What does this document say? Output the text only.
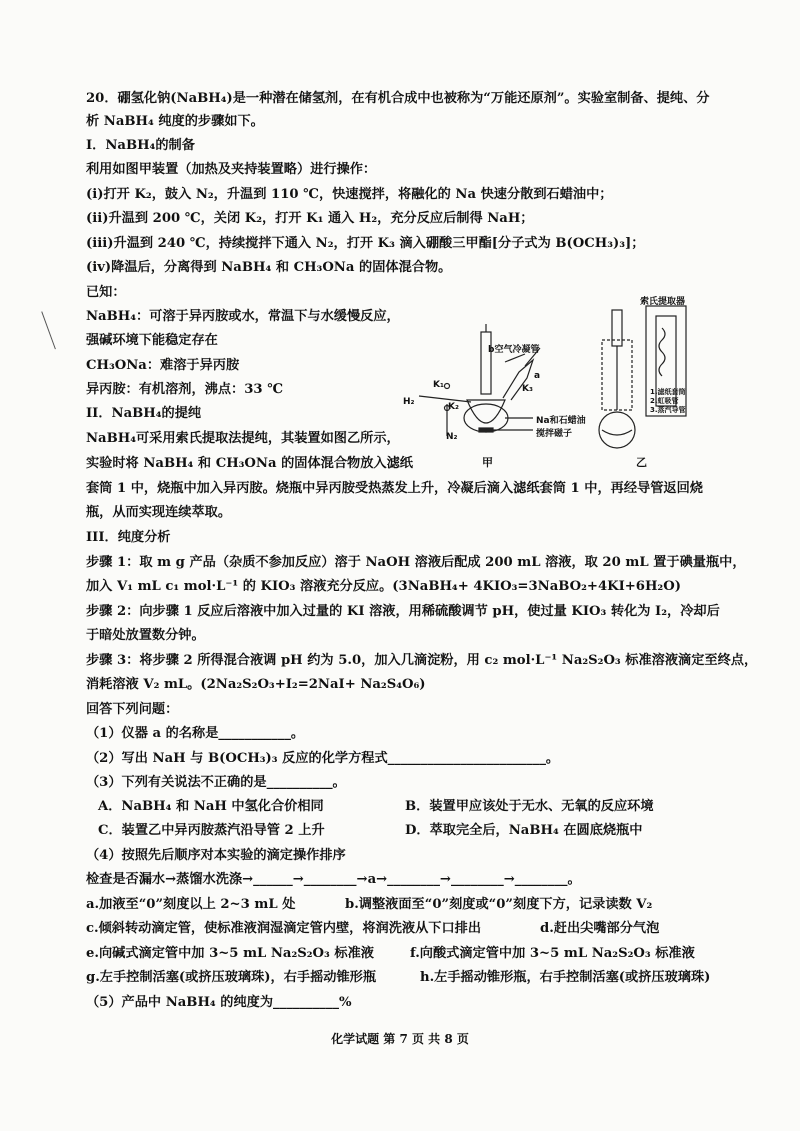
20．硼氢化钠(NaBH₄)是一种潜在储氢剂，在有机合成中也被称为“万能还原剂”。实验室制备、提纯、分
析 NaBH₄ 纯度的步骤如下。
I．NaBH₄的制备
利用如图甲装置（加热及夹持装置略）进行操作：
(i)打开 K₂，鼓入 N₂，升温到 110 ℃，快速搅拌，将融化的 Na 快速分散到石蜡油中；
(ii)升温到 200 ℃，关闭 K₂，打开 K₁ 通入 H₂，充分反应后制得 NaH；
(iii)升温到 240 ℃，持续搅拌下通入 N₂，打开 K₃ 滴入硼酸三甲酯[分子式为 B(OCH₃)₃]；
(iv)降温后，分离得到 NaBH₄ 和 CH₃ONa 的固体混合物。
已知：
NaBH₄：可溶于异丙胺或水，常温下与水缓慢反应，
强碱环境下能稳定存在
CH₃ONa：难溶于异丙胺
异丙胺：有机溶剂，沸点：33 ℃
II．NaBH₄的提纯
NaBH₄可采用索氏提取法提纯，其装置如图乙所示，
实验时将 NaBH₄ 和 CH₃ONa 的固体混合物放入滤纸
套筒 1 中，烧瓶中加入异丙胺。烧瓶中异丙胺受热蒸发上升，冷凝后滴入滤纸套筒 1 中，再经导管返回烧
瓶，从而实现连续萃取。
III．纯度分析
步骤 1：取 m g 产品（杂质不参加反应）溶于 NaOH 溶液后配成 200 mL 溶液，取 20 mL 置于碘量瓶中，
加入 V₁ mL c₁ mol·L⁻¹ 的 KIO₃ 溶液充分反应。(3NaBH₄+ 4KIO₃=3NaBO₂+4KI+6H₂O)
步骤 2：向步骤 1 反应后溶液中加入过量的 KI 溶液，用稀硫酸调节 pH，使过量 KIO₃ 转化为 I₂，冷却后
于暗处放置数分钟。
步骤 3：将步骤 2 所得混合液调 pH 约为 5.0，加入几滴淀粉，用 c₂ mol·L⁻¹ Na₂S₂O₃ 标准溶液滴定至终点，
消耗溶液 V₂ mL。(2Na₂S₂O₃+I₂=2NaI+ Na₂S₄O₆)
回答下列问题：
（1）仪器 a 的名称是___________。
（2）写出 NaH 与 B(OCH₃)₃ 反应的化学方程式________________________。
（3）下列有关说法不正确的是__________。
A．NaBH₄ 和 NaH 中氢化合价相同	B．装置甲应该处于无水、无氧的反应环境
C．装置乙中异丙胺蒸汽沿导管 2 上升	D．萃取完全后，NaBH₄ 在圆底烧瓶中
（4）按照先后顺序对本实验的滴定操作排序
检查是否漏水→蒸馏水洗涤→______→________→a→________→________→________。
a.加液至“0”刻度以上 2~3 mL 处	b.调整液面至“0”刻度或“0”刻度下方，记录读数 V₂
c.倾斜转动滴定管，使标准液润湿滴定管内壁，将润洗液从下口排出	d.赶出尖嘴部分气泡
e.向碱式滴定管中加 3~5 mL Na₂S₂O₃ 标准液	f.向酸式滴定管中加 3~5 mL Na₂S₂O₃ 标准液
g.左手控制活塞(或挤压玻璃珠)，右手摇动锥形瓶	h.左手摇动锥形瓶，右手控制活塞(或挤压玻璃珠)
（5）产品中 NaBH₄ 的纯度为__________%
化学试题 第 7 页 共 8 页
b空气冷凝管
a
K₁
K₂
K₃
H₂
N₂
Na和石蜡油
搅拌磁子
甲
索氏提取器
1.滤纸套筒
2.虹吸管
3.蒸汽导管
乙
